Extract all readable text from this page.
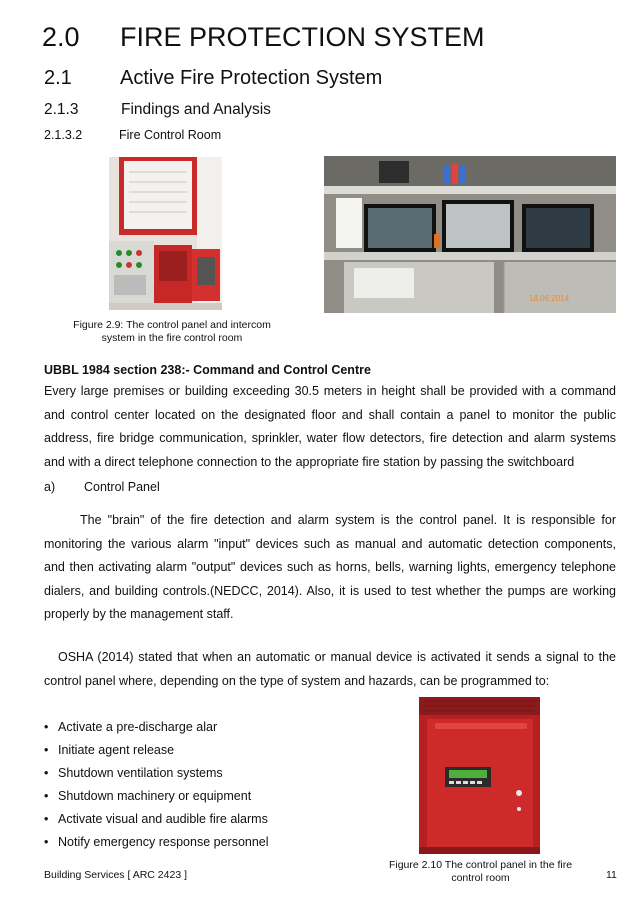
2.0 FIRE PROTECTION SYSTEM
2.1 Active Fire Protection System
2.1.3	Findings and Analysis
2.1.3.2	Fire Control Room
18.06.2014
Figure 2.9: The control panel and intercom
system in the fire control room
UBBL 1984 section 238:- Command and Control Centre
Every large premises or building exceeding 30.5 meters in height shall be provided with a command
and control center located on the designated floor and shall contain a panel to monitor the public
address, fire bridge communication, sprinkler, water flow detectors, fire detection and alarm systems
and with a direct telephone connection to the appropriate fire station by passing the switchboard
a) Control Panel
The "brain" of the fire detection and alarm system is the control panel. It is responsible for
monitoring the various alarm "input" devices such as manual and automatic detection components,
and then activating alarm "output" devices such as horns, bells, warning lights, emergency telephone
dialers, and building controls.(NEDCC, 2014). Also, it is used to test whether the pumps are working
properly by the management staff.
OSHA (2014) stated that when an automatic or manual device is activated it sends a signal to the
control panel where, depending on the type of system and hazards, can be programmed to:
• Activate a pre-discharge alar
• Initiate agent release
• Shutdown ventilation systems
• Shutdown machinery or equipment
• Activate visual and audible fire alarms
• Notify emergency response personnel
Figure 2.10 The control panel in the fire
control room
Building Services [ ARC 2423 ]	11
